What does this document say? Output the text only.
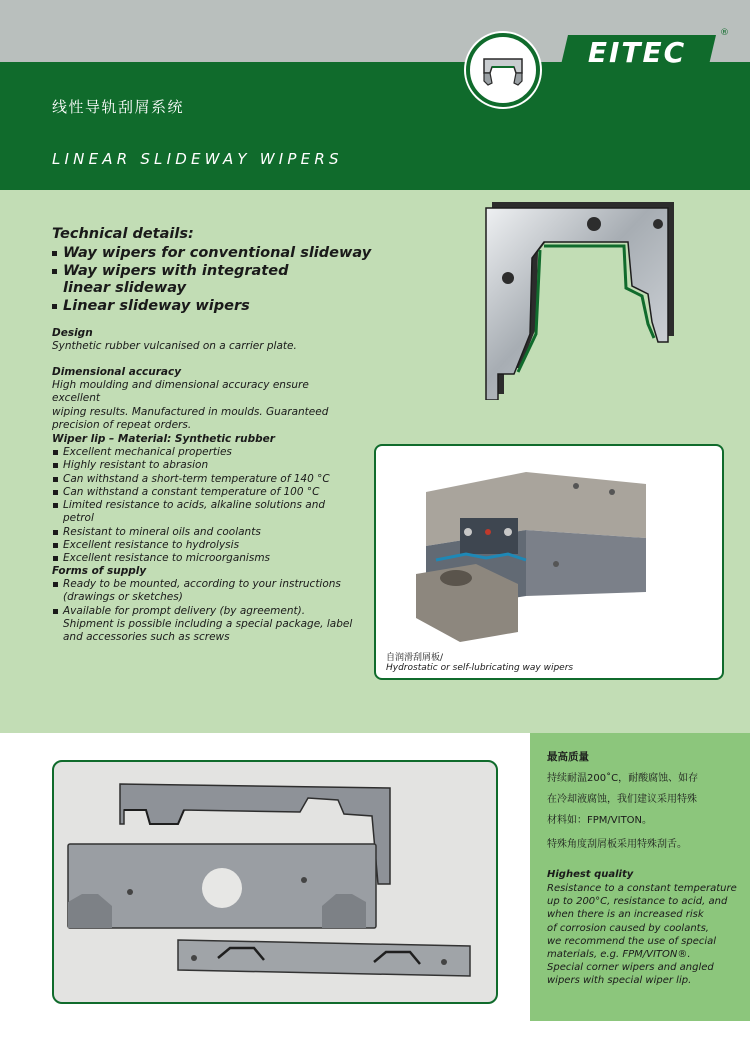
线性导轨刮屑系统
LINEAR SLIDEWAY WIPERS
EITEC
®
Technical details:
Way wipers for conventional slideway
Way wipers with integrated
linear slideway
Linear slideway wipers
Design
Synthetic rubber vulcanised on a carrier plate.
Dimensional accuracy
High moulding and dimensional accuracy ensure excellent
wiping results. Manufactured in moulds. Guaranteed
precision of repeat orders.
Wiper lip – Material: Synthetic rubber
Excellent mechanical properties
Highly resistant to abrasion
Can withstand a short-term temperature of 140 °C
Can withstand a constant temperature of 100 °C
Limited resistance to acids, alkaline solutions and petrol
Resistant to mineral oils and coolants
Excellent resistance to hydrolysis
Excellent resistance to microorganisms
Forms of supply
Ready to be mounted, according to your instructions
(drawings or sketches)
Available for prompt delivery (by agreement).
Shipment is possible including a special package, label
and accessories such as screws
自润滑刮屑板/
Hydrostatic or self-lubricating way wipers
最高质量
持续耐温200˚C，耐酸腐蚀、如存
在冷却液腐蚀，我们建议采用特殊
材料如：FPM/VITON。
特殊角度刮屑板采用特殊刮舌。
Highest quality
Resistance to a constant temperature
up to 200°C, resistance to acid, and
when there is an increased risk
of corrosion caused by coolants,
we recommend the use of special
materials, e.g. FPM/VITON®.
Special corner wipers and angled
wipers with special wiper lip.
